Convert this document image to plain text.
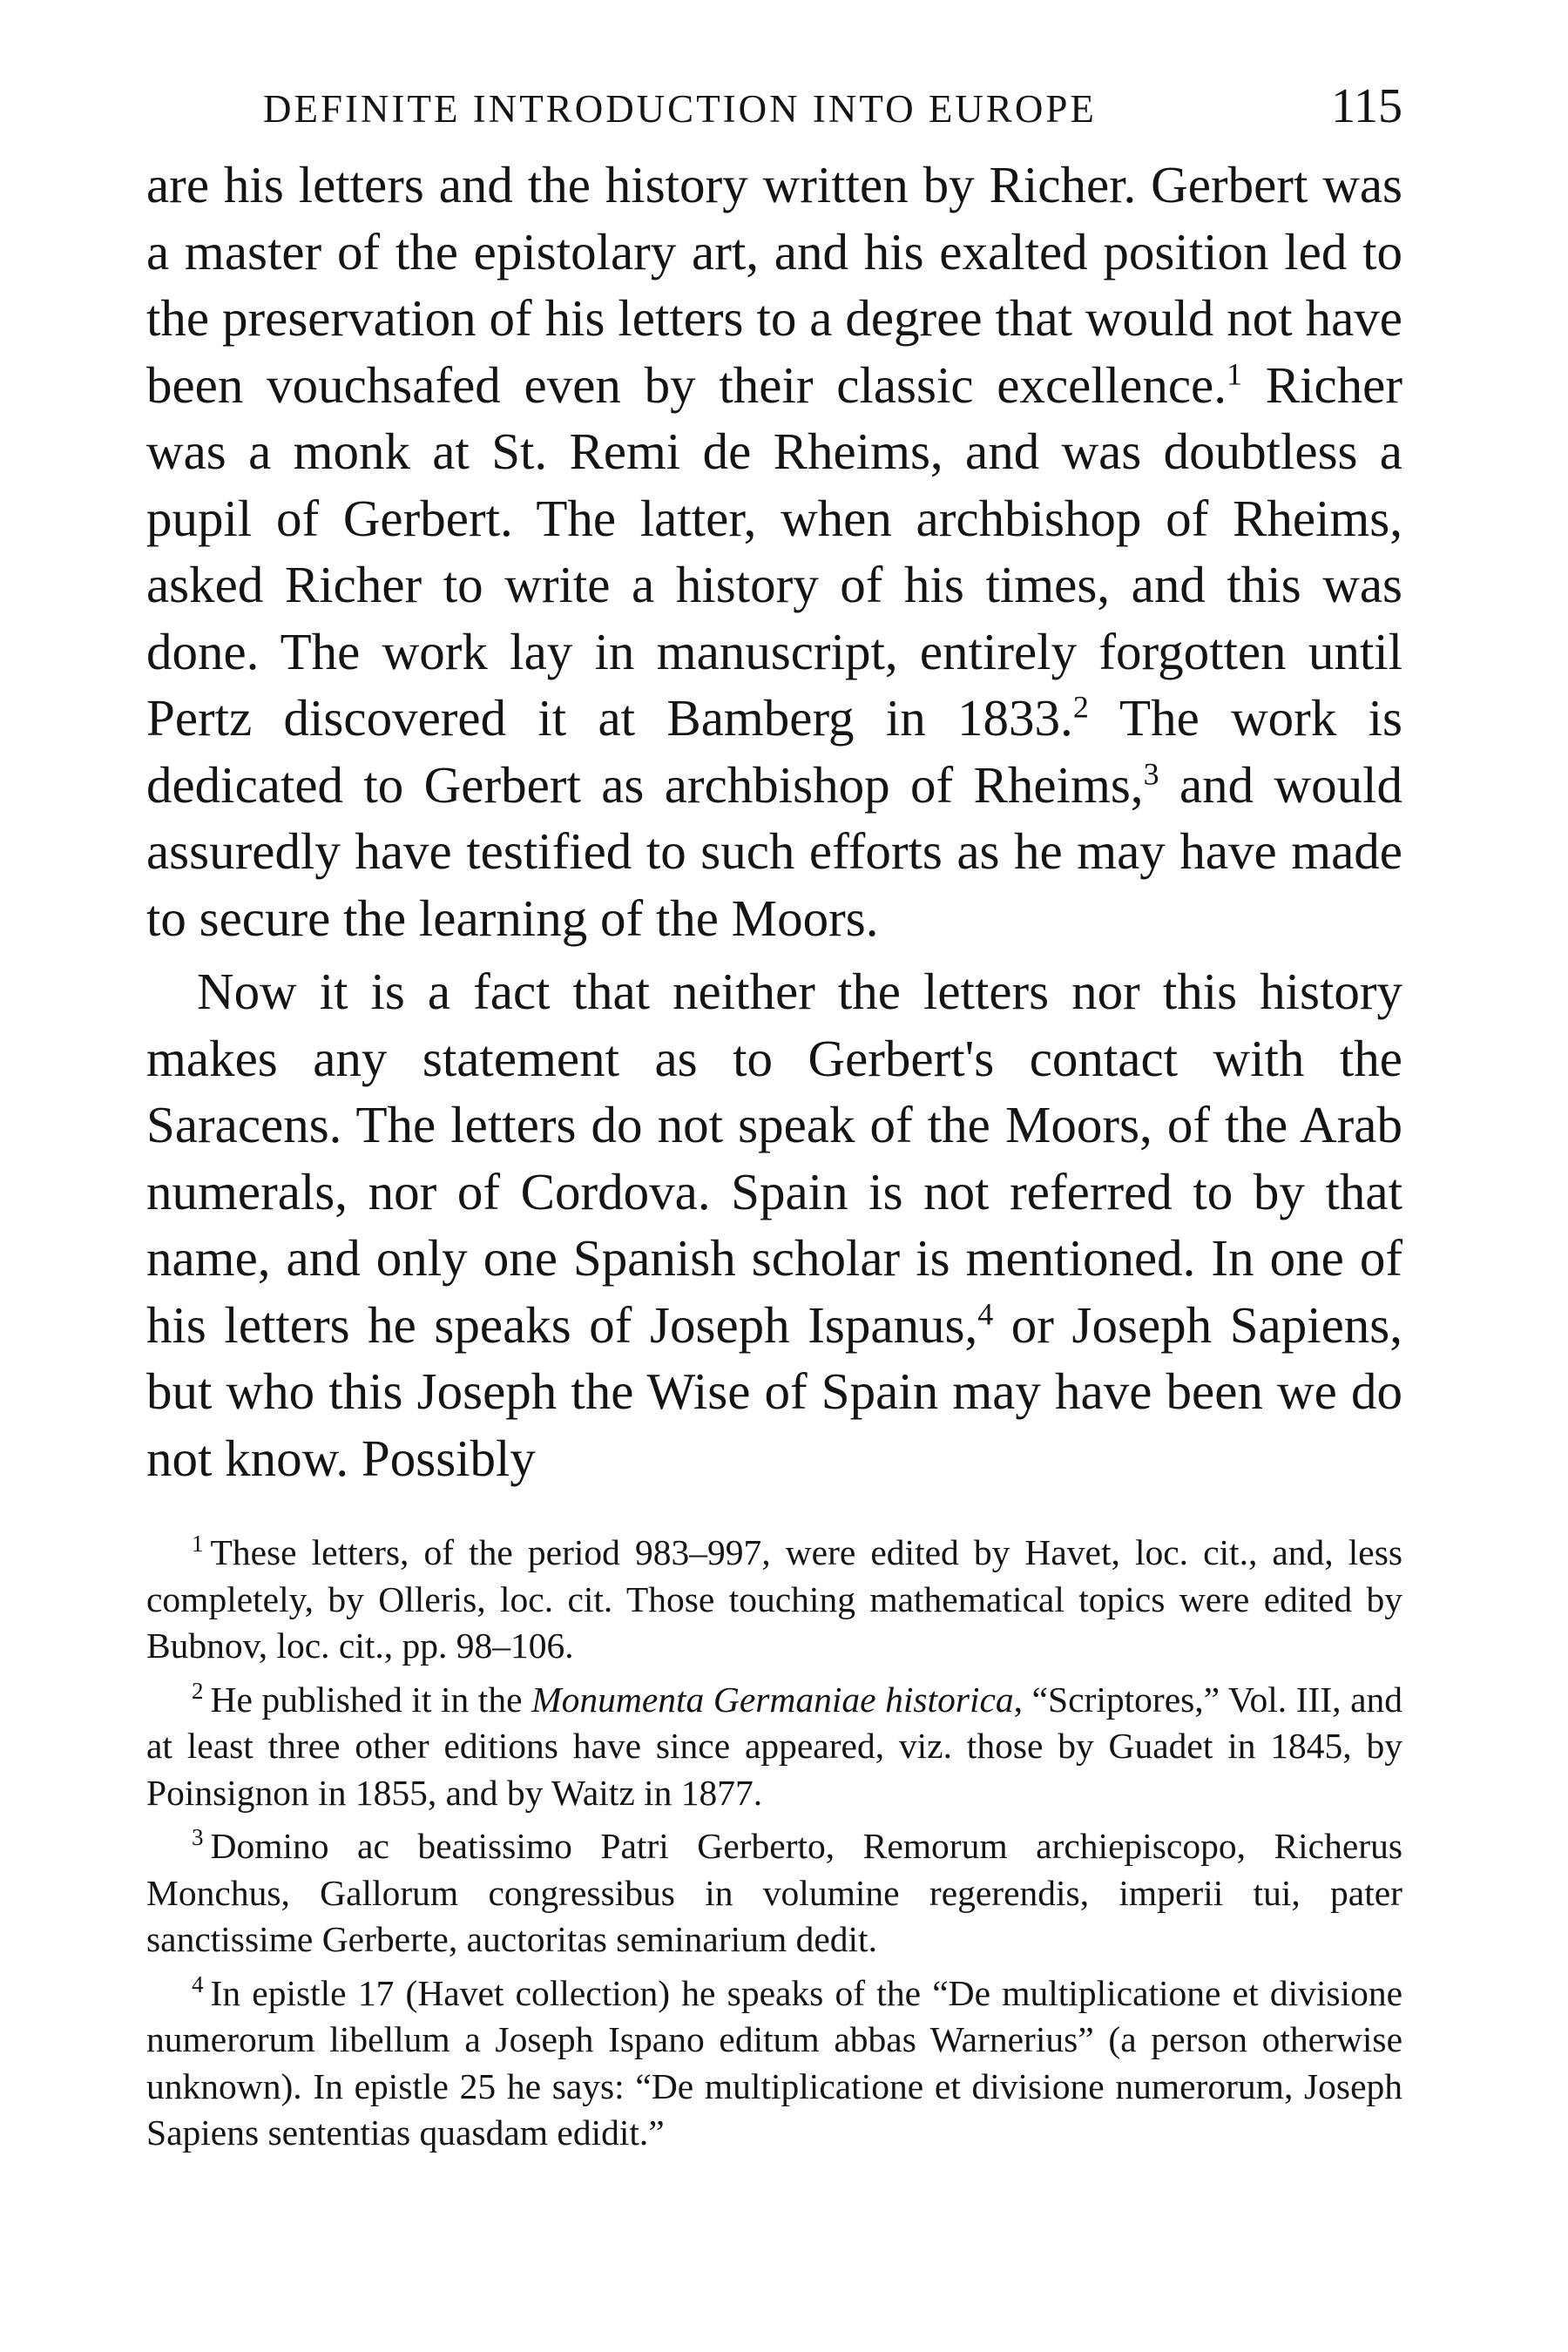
DEFINITE INTRODUCTION INTO EUROPE	115

are his letters and the history written by Richer. Gerbert was a master of the epistolary art, and his exalted position led to the preservation of his letters to a degree that would not have been vouchsafed even by their classic excellence.$^1$ Richer was a monk at St. Remi de Rheims, and was doubtless a pupil of Gerbert. The latter, when archbishop of Rheims, asked Richer to write a history of his times, and this was done. The work lay in manuscript, entirely forgotten until Pertz discovered it at Bamberg in 1833.$^2$ The work is dedicated to Gerbert as archbishop of Rheims,$^3$ and would assuredly have testified to such efforts as he may have made to secure the learning of the Moors.

Now it is a fact that neither the letters nor this history makes any statement as to Gerbert's contact with the Saracens. The letters do not speak of the Moors, of the Arab numerals, nor of Cordova. Spain is not referred to by that name, and only one Spanish scholar is mentioned. In one of his letters he speaks of Joseph Ispanus,$^4$ or Joseph Sapiens, but who this Joseph the Wise of Spain may have been we do not know. Possibly

$^1$ These letters, of the period 983–997, were edited by Havet, loc. cit., and, less completely, by Olleris, loc. cit. Those touching mathematical topics were edited by Bubnov, loc. cit., pp. 98–106.

$^2$ He published it in the Monumenta Germaniae historica, “Scriptores,” Vol. III, and at least three other editions have since appeared, viz. those by Guadet in 1845, by Poinsignon in 1855, and by Waitz in 1877.

$^3$ Domino ac beatissimo Patri Gerberto, Remorum archiepiscopo, Richerus Monchus, Gallorum congressibus in volumine regerendis, imperii tui, pater sanctissime Gerberte, auctoritas seminarium dedit.

$^4$ In epistle 17 (Havet collection) he speaks of the “De multiplicatione et divisione numerorum libellum a Joseph Ispano editum abbas Warnerius” (a person otherwise unknown). In epistle 25 he says: “De multiplicatione et divisione numerorum, Joseph Sapiens sententias quasdam edidit.”
